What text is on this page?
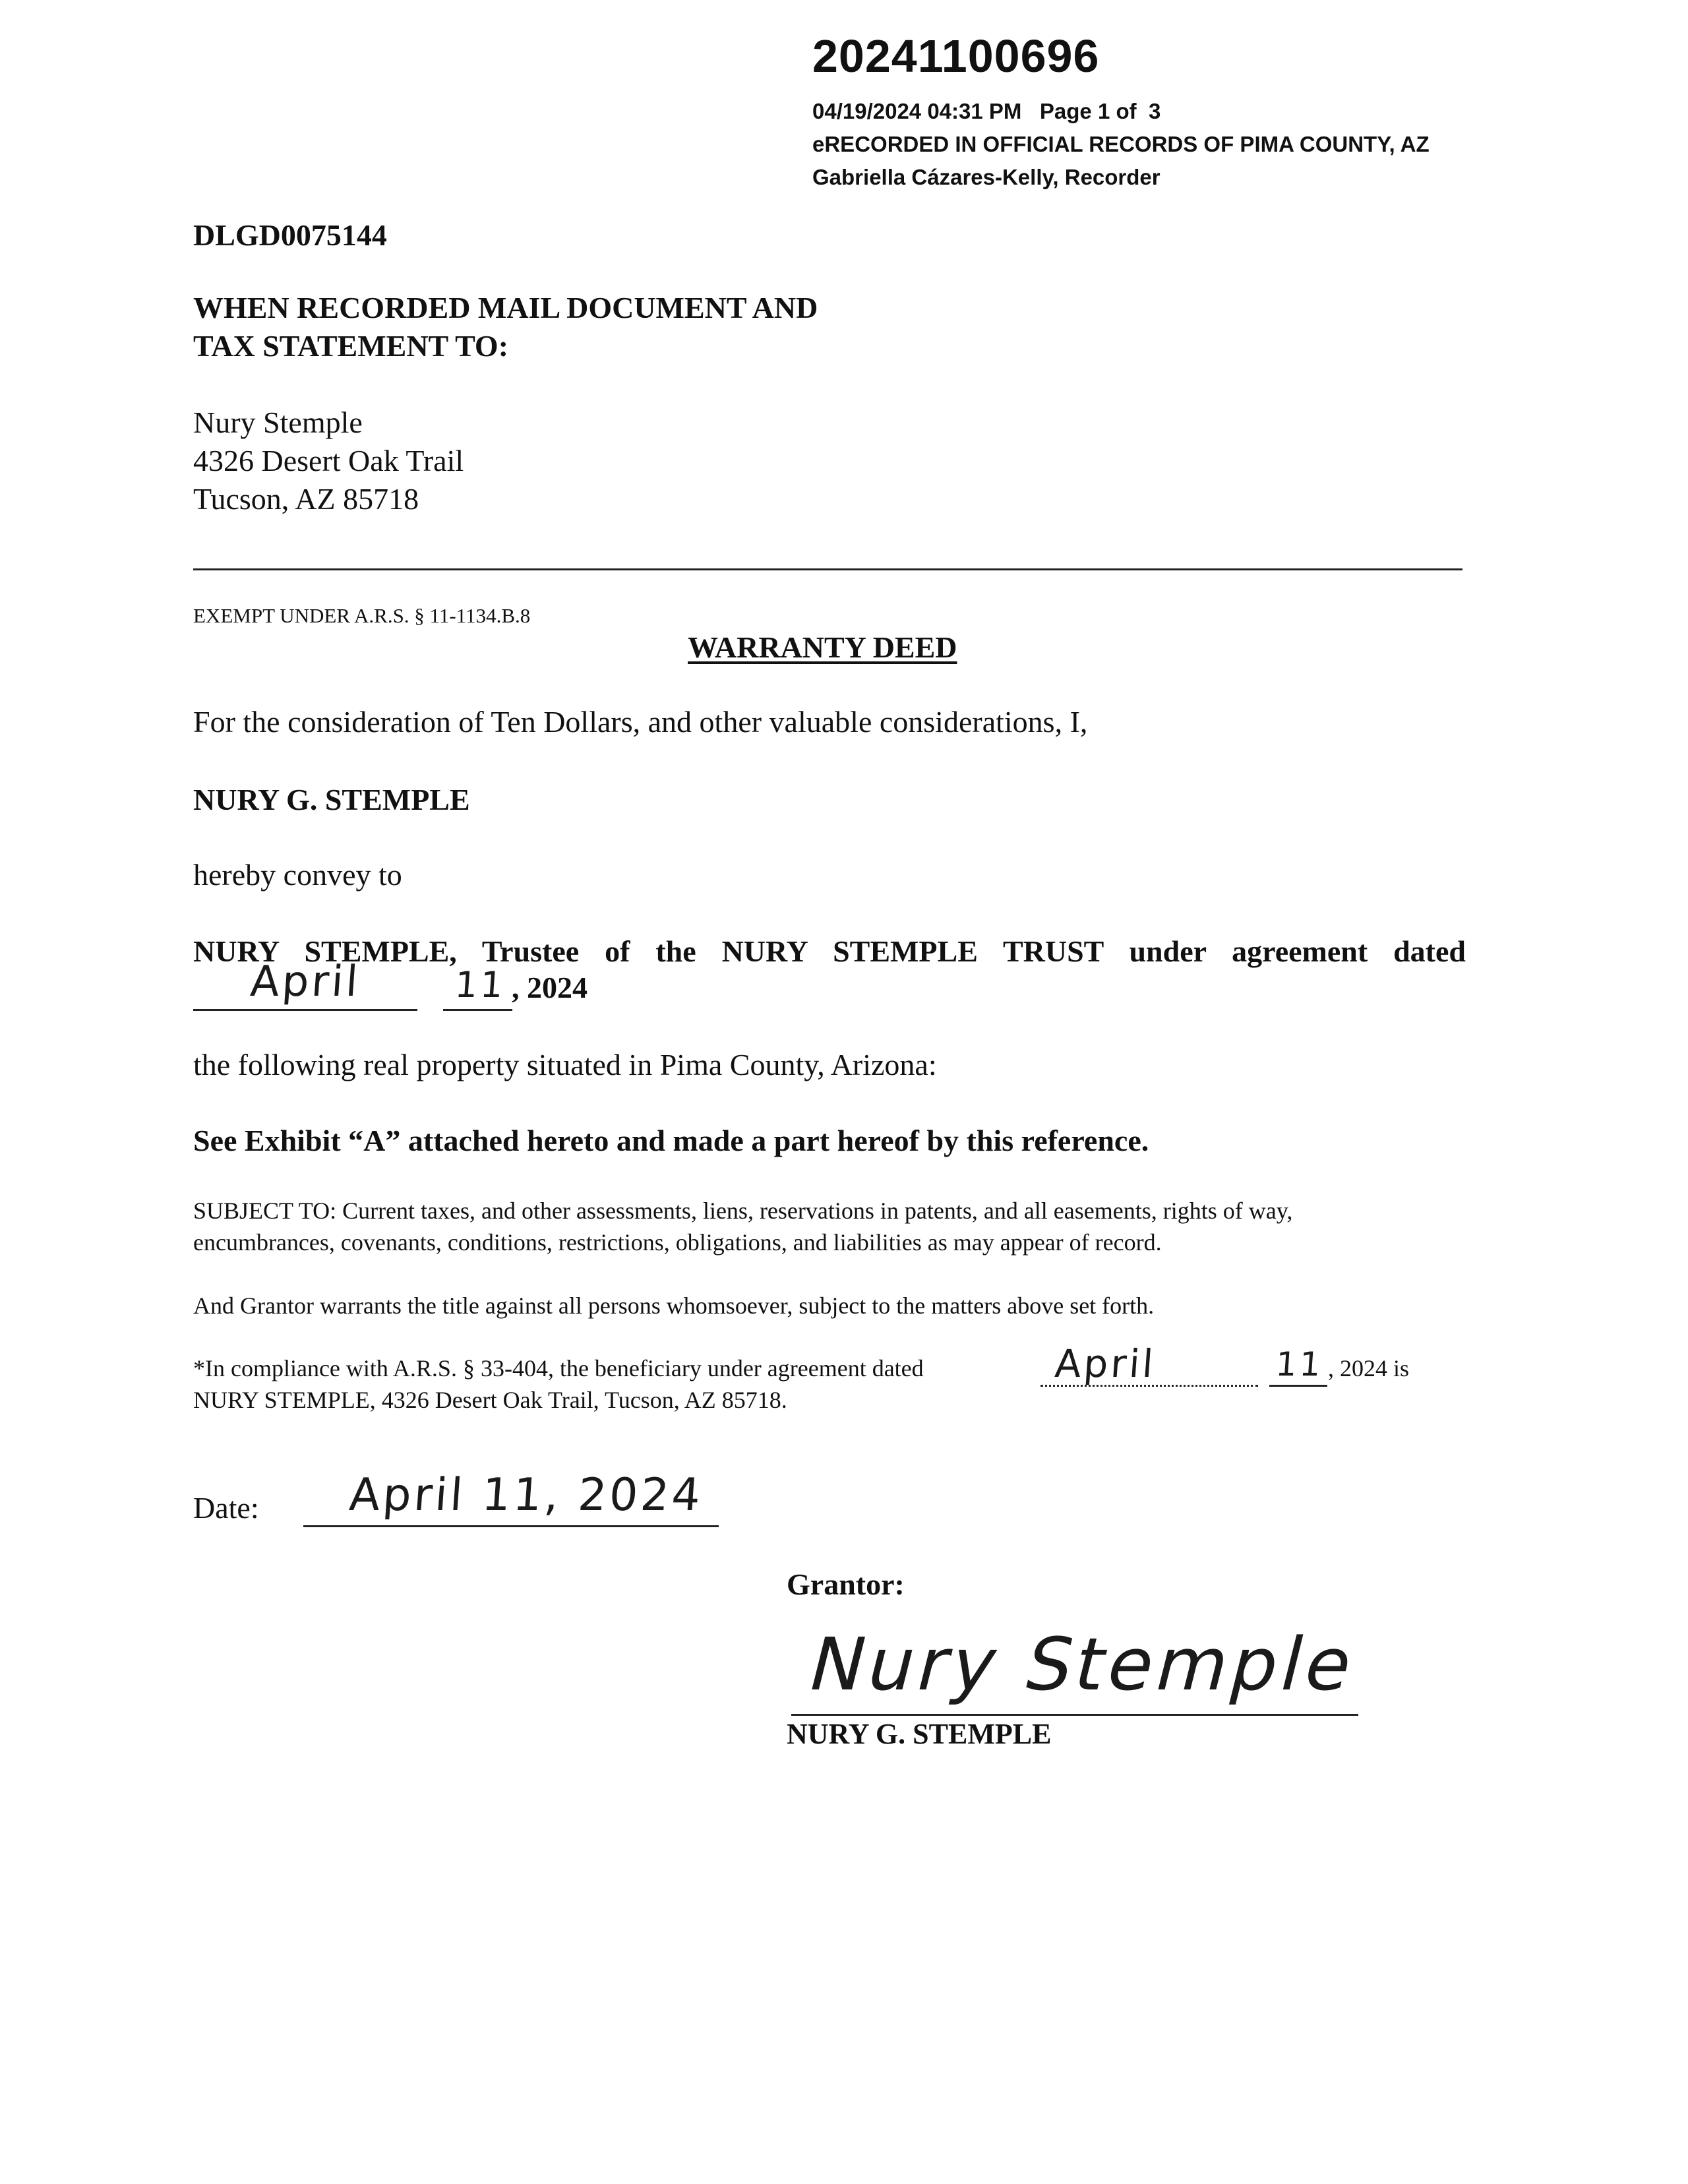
20241100696
04/19/2024 04:31 PM   Page 1 of  3
eRECORDED IN OFFICIAL RECORDS OF PIMA COUNTY, AZ
Gabriella Cázares-Kelly, Recorder
DLGD0075144
WHEN RECORDED MAIL DOCUMENT AND
TAX STATEMENT TO:
Nury Stemple
4326 Desert Oak Trail
Tucson, AZ 85718
EXEMPT UNDER A.R.S. § 11-1134.B.8
WARRANTY DEED
For the consideration of Ten Dollars, and other valuable considerations, I,
NURY G. STEMPLE
hereby convey to
NURY STEMPLE, Trustee of the NURY STEMPLE TRUST under agreement dated
April	11 , 2024
the following real property situated in Pima County, Arizona:
See Exhibit “A” attached hereto and made a part hereof by this reference.
SUBJECT TO: Current taxes, and other assessments, liens, reservations in patents, and all easements, rights of way,
encumbrances, covenants, conditions, restrictions, obligations, and liabilities as may appear of record.
And Grantor warrants the title against all persons whomsoever, subject to the matters above set forth.
*In compliance with A.R.S. § 33-404, the beneficiary under agreement dated	April	11 , 2024 is
NURY STEMPLE, 4326 Desert Oak Trail, Tucson, AZ 85718.
Date: April 11, 2024
Grantor:
Nury Stemple
NURY G. STEMPLE
